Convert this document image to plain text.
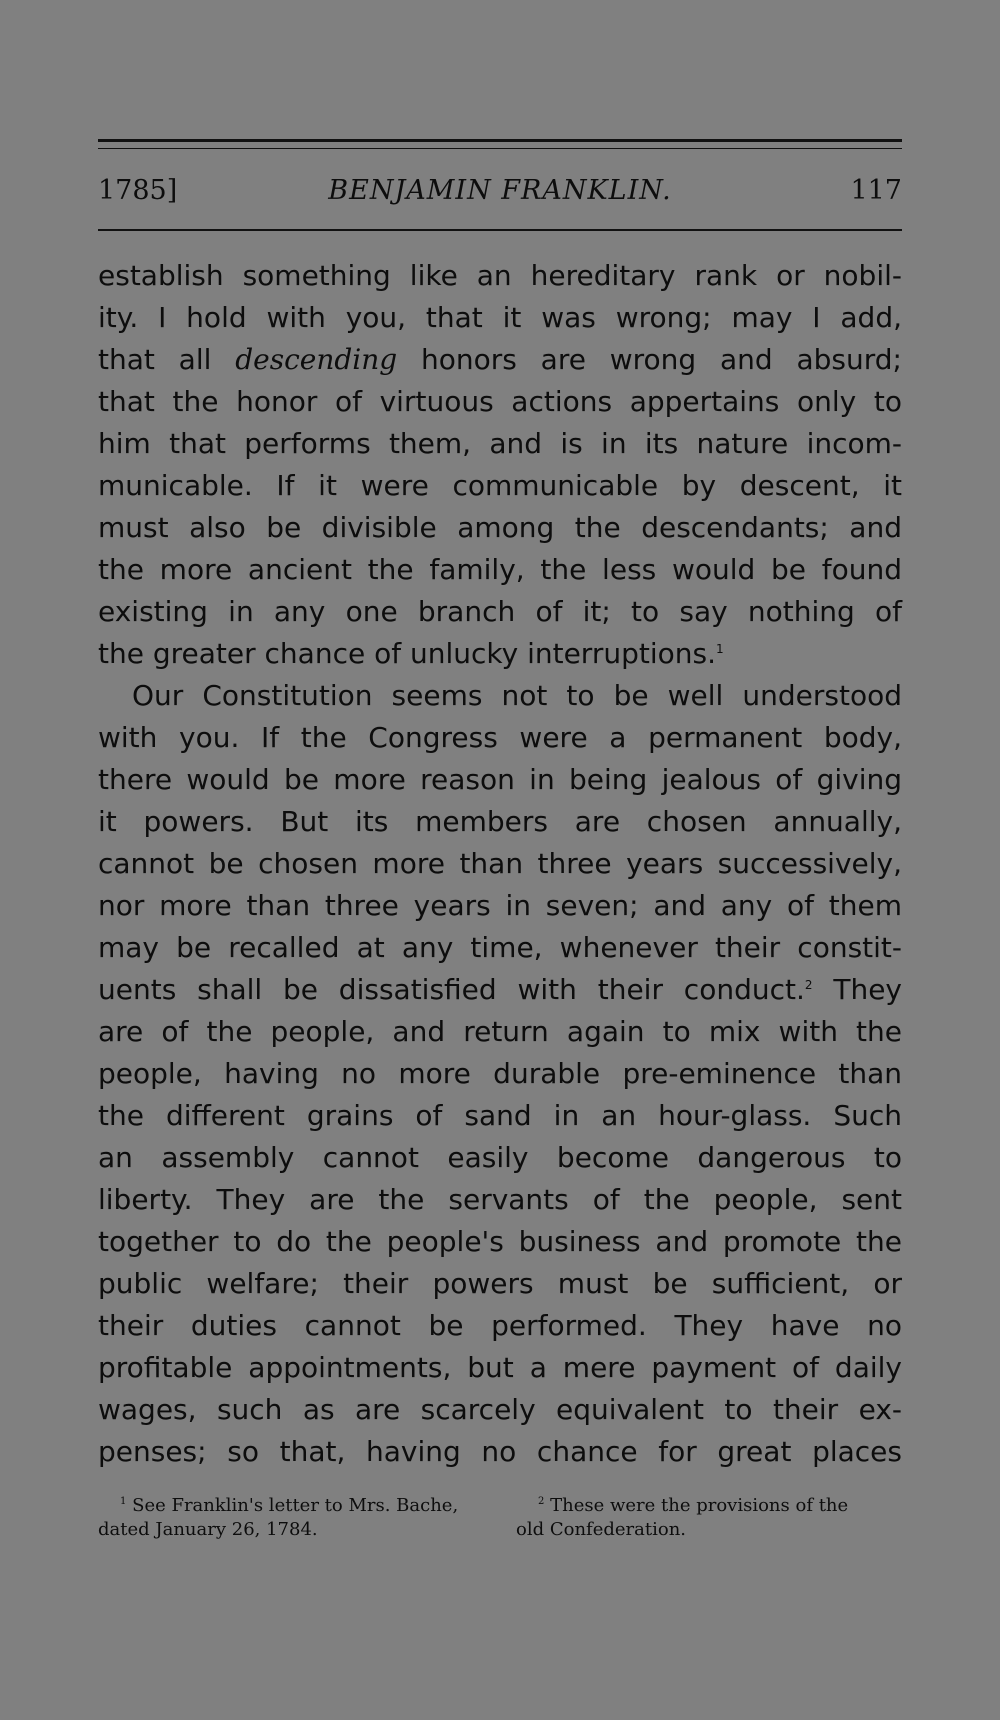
1785]	BENJAMIN FRANKLIN.	117
establish something like an hereditary rank or nobil-
ity. I hold with you, that it was wrong; may I add,
that all descending honors are wrong and absurd;
that the honor of virtuous actions appertains only to
him that performs them, and is in its nature incom-
municable. If it were communicable by descent, it
must also be divisible among the descendants; and
the more ancient the family, the less would be found
existing in any one branch of it; to say nothing of
the greater chance of unlucky interruptions.$^1$
Our Constitution seems not to be well understood
with you. If the Congress were a permanent body,
there would be more reason in being jealous of giving
it powers. But its members are chosen annually,
cannot be chosen more than three years successively,
nor more than three years in seven; and any of them
may be recalled at any time, whenever their constit-
uents shall be dissatisfied with their conduct.$^2$ They
are of the people, and return again to mix with the
people, having no more durable pre-eminence than
the different grains of sand in an hour-glass. Such
an assembly cannot easily become dangerous to
liberty. They are the servants of the people, sent
together to do the people's business and promote the
public welfare; their powers must be sufficient, or
their duties cannot be performed. They have no
profitable appointments, but a mere payment of daily
wages, such as are scarcely equivalent to their ex-
penses; so that, having no chance for great places
$^1$ See Franklin's letter to Mrs. Bache,
dated January 26, 1784.
$^2$ These were the provisions of the
old Confederation.
